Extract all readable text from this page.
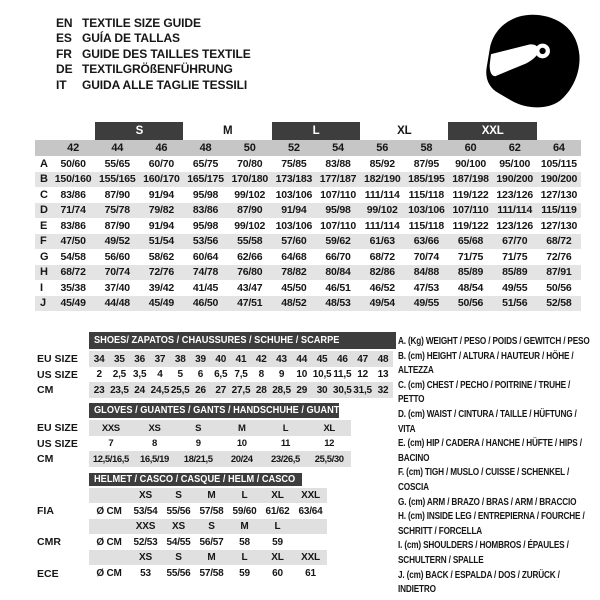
EN TEXTILE SIZE GUIDE
ES GUÍA DE TALLAS
FR GUIDE DES TAILLES TEXTILE
DE TEXTILGRÖßENFÜHRUNG
IT	GUIDA ALLE TAGLIE TESSILI
		S		M		L		XL		XXL		
	42	44	46	48	50	52	54	56	58	60	62	64
A	50/60	55/65	60/70	65/75	70/80	75/85	83/88	85/92	87/95	90/100	95/100	105/115
B	150/160	155/165	160/170	165/175	170/180	173/183	177/187	182/190	185/195	187/198	190/200	190/200
C	83/86	87/90	91/94	95/98	99/102	103/106	107/110	111/114	115/118	119/122	123/126	127/130
D	71/74	75/78	79/82	83/86	87/90	91/94	95/98	99/102	103/106	107/110	111/114	115/119
E	83/86	87/90	91/94	95/98	99/102	103/106	107/110	111/114	115/118	119/122	123/126	127/130
F	47/50	49/52	51/54	53/56	55/58	57/60	59/62	61/63	63/66	65/68	67/70	68/72
G	54/58	56/60	58/62	60/64	62/66	64/68	66/70	68/72	70/74	71/75	71/75	72/76
H	68/72	70/74	72/76	74/78	76/80	78/82	80/84	82/86	84/88	85/89	85/89	87/91
I	35/38	37/40	39/42	41/45	43/47	45/50	46/51	46/52	47/53	48/54	49/55	50/56
J	45/49	44/48	45/49	46/50	47/51	48/52	48/53	49/54	49/55	50/56	51/56	52/58

	SHOES/ ZAPATOS / CHAUSSURES / SCHUHE / SCARPE														

EU SIZE	34	35	36	37	38	39	40	41	42	43	44	45	46	47	48
US SIZE	2	2,5	3,5	4	5	6	6,5	7,5	8	9	10	10,5	11,5	12	13
CM	23	23,5	24	24,5	25,5	26	27	27,5	28	28,5	29	30	30,5	31,5	32

	GLOVES / GUANTES / GANTS / HANDSCHUHE / GUANTI					

EU SIZE	XXS	XS	S	M	L	XL
US SIZE	7	8	9	10	11	12
CM	12,5/16,5	16,5/19	18/21,5	20/24	23/26,5	25,5/30

	HELMET / CASCO / CASQUE / HELM / CASCO						

		XS	S	M	L	XL	XXL
FIA	Ø CM	53/54	55/56	57/58	59/60	61/62	63/64
		XXS	XS	S	M	L	
CMR	Ø CM	52/53	54/55	56/57	58	59	
		XS	S	M	L	XL	XXL
ECE	Ø CM	53	55/56	57/58	59	60	61
A. (Kg) WEIGHT / PESO / POIDS / GEWITCH / PESO
B. (cm) HEIGHT / ALTURA / HAUTEUR / HÖHE / ALTEZZA
C. (cm) CHEST / PECHO / POITRINE / TRUHE / PETTO
D. (cm) WAIST / CINTURA / TAILLE / HÜFTUNG / VITA
E. (cm) HIP / CADERA / HANCHE / HÜFTE / HIPS / BACINO
F. (cm) TIGH / MUSLO / CUISSE / SCHENKEL / COSCIA
G. (cm) ARM / BRAZO / BRAS / ARM / BRACCIO
H. (cm) INSIDE LEG / ENTREPIERNA / FOURCHE / SCHRITT / FORCELLA
I. (cm) SHOULDERS / HOMBROS / ÉPAULES / SCHULTERN / SPALLE
J. (cm) BACK / ESPALDA / DOS / ZURÜCK / INDIETRO
